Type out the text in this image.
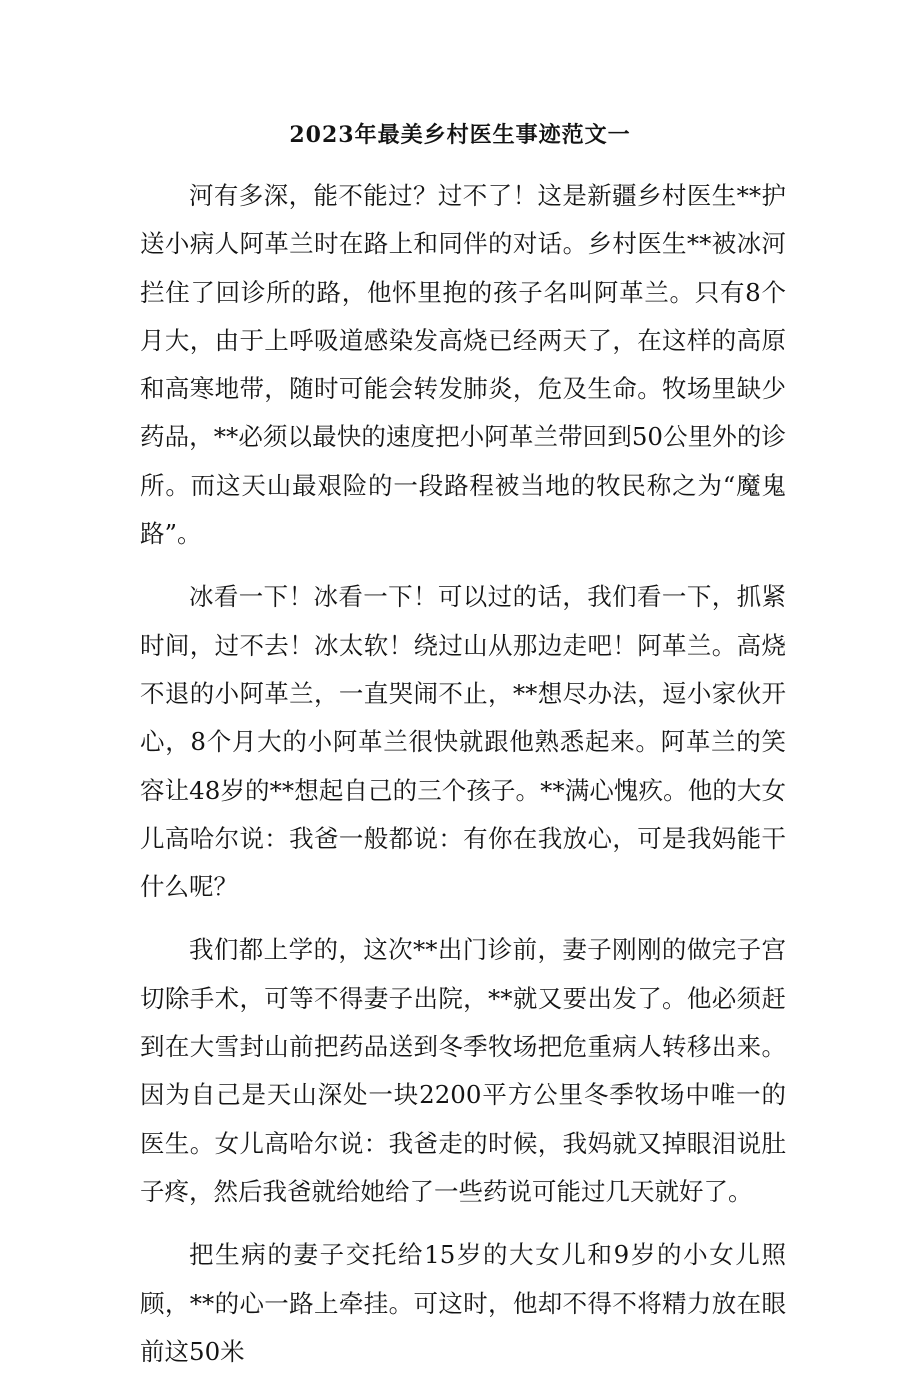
2023年最美乡村医生事迹范文一

河有多深，能不能过？过不了！这是新疆乡村医生**护送小病人阿革兰时在路上和同伴的对话。乡村医生**被冰河拦住了回诊所的路，他怀里抱的孩子名叫阿革兰。只有8个月大，由于上呼吸道感染发高烧已经两天了，在这样的高原和高寒地带，随时可能会转发肺炎，危及生命。牧场里缺少药品，**必须以最快的速度把小阿革兰带回到50公里外的诊所。而这天山最艰险的一段路程被当地的牧民称之为“魔鬼路”。

冰看一下！冰看一下！可以过的话，我们看一下，抓紧时间，过不去！冰太软！绕过山从那边走吧！阿革兰。高烧不退的小阿革兰，一直哭闹不止，**想尽办法，逗小家伙开心，8个月大的小阿革兰很快就跟他熟悉起来。阿革兰的笑容让48岁的**想起自己的三个孩子。**满心愧疚。他的大女儿高哈尔说：我爸一般都说：有你在我放心，可是我妈能干什么呢？

我们都上学的，这次**出门诊前，妻子刚刚的做完子宫切除手术，可等不得妻子出院，**就又要出发了。他必须赶到在大雪封山前把药品送到冬季牧场把危重病人转移出来。因为自己是天山深处一块2200平方公里冬季牧场中唯一的医生。女儿高哈尔说：我爸走的时候，我妈就又掉眼泪说肚子疼，然后我爸就给她给了一些药说可能过几天就好了。

把生病的妻子交托给15岁的大女儿和9岁的小女儿照顾，**的心一路上牵挂。可这时，他却不得不将精力放在眼前这50米
